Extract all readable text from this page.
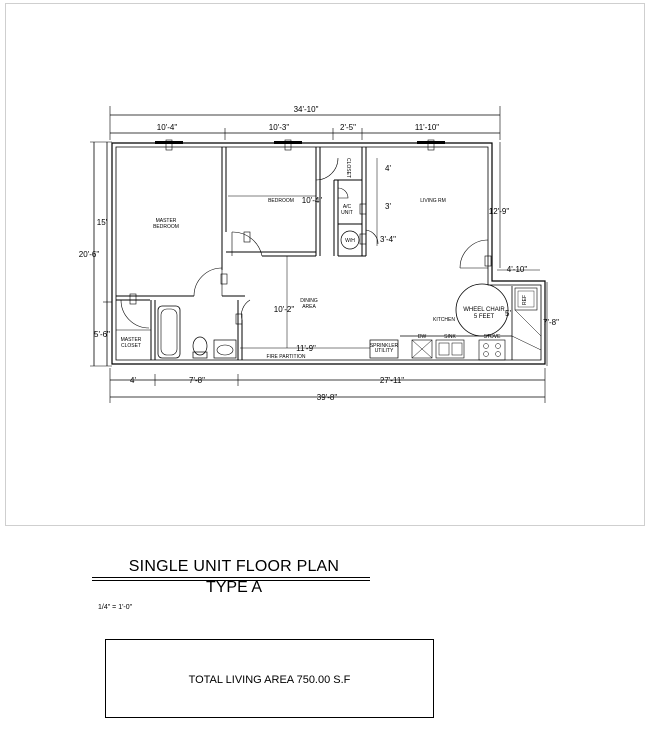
34'-10"
10'-4"	10'-3"	2'-5"	11'-10"
20'-6"
15'
5'-6"
4'	7'-8"	27'-11"
39'-8"
12'-9"
7'-8"
4'-10"
10'-4"
4'
3'
3'-4"
10'-2"
11'-9"
5'
MASTER
BEDROOM
BEDROOM	LIVING RM
A/C
UNIT
W/H
DINING
AREA
KITCHEN
MASTER
CLOSET
FIRE PARTITION
WHEEL CHAIR
5 FEET
SPRINKLER
UTILITY
DW	SINK	STOVE
REF
CLOSET
SINGLE UNIT FLOOR PLAN
TYPE A
1/4" = 1'-0"
TOTAL LIVING AREA 750.00 S.F
